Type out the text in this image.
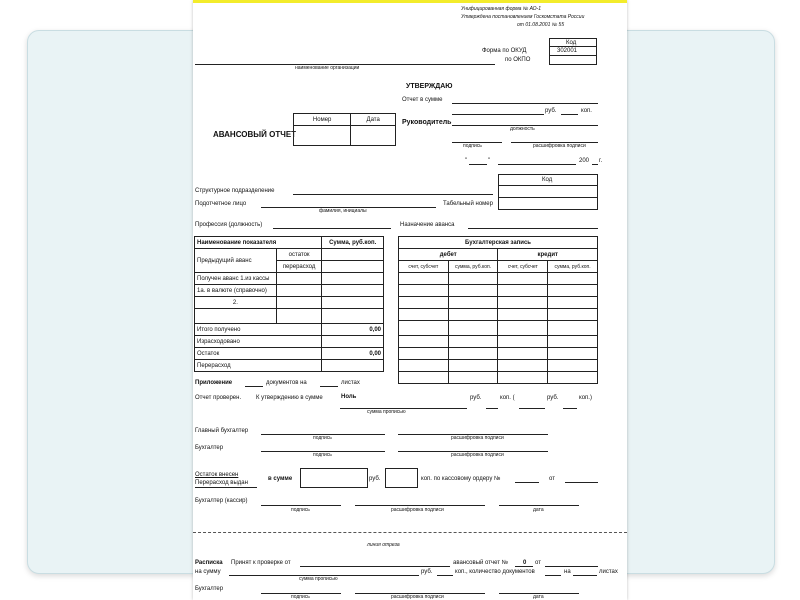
Унифицированная форма № АО-1
Утверждена постановлением Госкомстата России
от 01.08.2001 № 55
Код
302001
Форма по ОКУД
по ОКПО
наименование организации
УТВЕРЖДАЮ
Отчет в сумме
руб.	коп.
Руководитель
должность
подпись	расшифровка подписи
"	"	200 г.
АВАНСОВЫЙ ОТЧЕТ
Номер	Дата

Код
Структурное подразделение
Подотчетное лицо
фамилия, инициалы
Табельный номер
Профессия (должность)	Назначение аванса
Наименование показателя		Сумма, руб.коп.
Предыдущий аванс	остаток	
	перерасход	
Получен аванс 1.из кассы		
1а. в валюте (справочно)		
2.		

Итого получено		0,00
Израсходовано		
Остаток		0,00
Перерасход		
Бухгалтерская запись			
дебет		кредит	
счет, субсчет	сумма, руб.коп.	счет, субсчет	сумма, руб.коп.

Приложение	документов на	листах
Отчет проверен. К утверждению в сумме	Ноль	руб.	коп. (	руб.	коп.)
сумма прописью
Главный бухгалтер
подпись	расшифровка подписи
Бухгалтер
подпись	расшифровка подписи
Остаток внесен
Перерасход выдан
в сумме	руб.	коп. по кассовому ордеру №	от
Бухгалтер (кассир)
подпись	расшифровка подписи	дата
линия отреза
Расписка Принят к проверке от	авансовый отчет № 0 от
на сумму	руб.	коп., количество документов	на	листах
сумма прописью
Бухгалтер
подпись	расшифровка подписи	дата
